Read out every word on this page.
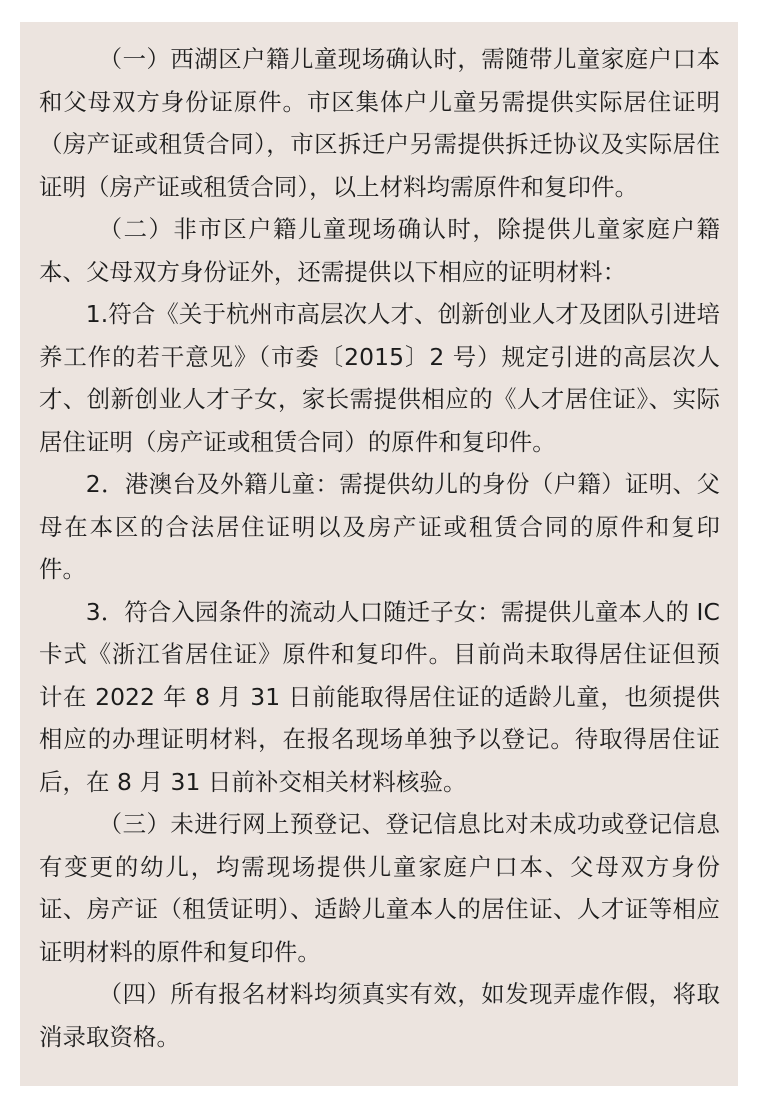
（一）西湖区户籍儿童现场确认时，需随带儿童家庭户口本和父母双方身份证原件。市区集体户儿童另需提供实际居住证明（房产证或租赁合同），市区拆迁户另需提供拆迁协议及实际居住证明（房产证或租赁合同），以上材料均需原件和复印件。

（二）非市区户籍儿童现场确认时，除提供儿童家庭户籍本、父母双方身份证外，还需提供以下相应的证明材料：

1.符合《关于杭州市高层次人才、创新创业人才及团队引进培养工作的若干意见》（市委〔2015〕2 号）规定引进的高层次人才、创新创业人才子女，家长需提供相应的《人才居住证》、实际居住证明（房产证或租赁合同）的原件和复印件。

2．港澳台及外籍儿童：需提供幼儿的身份（户籍）证明、父母在本区的合法居住证明以及房产证或租赁合同的原件和复印件。

3．符合入园条件的流动人口随迁子女：需提供儿童本人的 IC 卡式《浙江省居住证》原件和复印件。目前尚未取得居住证但预计在 2022 年 8 月 31 日前能取得居住证的适龄儿童，也须提供相应的办理证明材料，在报名现场单独予以登记。待取得居住证后，在 8 月 31 日前补交相关材料核验。

（三）未进行网上预登记、登记信息比对未成功或登记信息有变更的幼儿，均需现场提供儿童家庭户口本、父母双方身份证、房产证（租赁证明）、适龄儿童本人的居住证、人才证等相应证明材料的原件和复印件。

（四）所有报名材料均须真实有效，如发现弄虚作假，将取消录取资格。
